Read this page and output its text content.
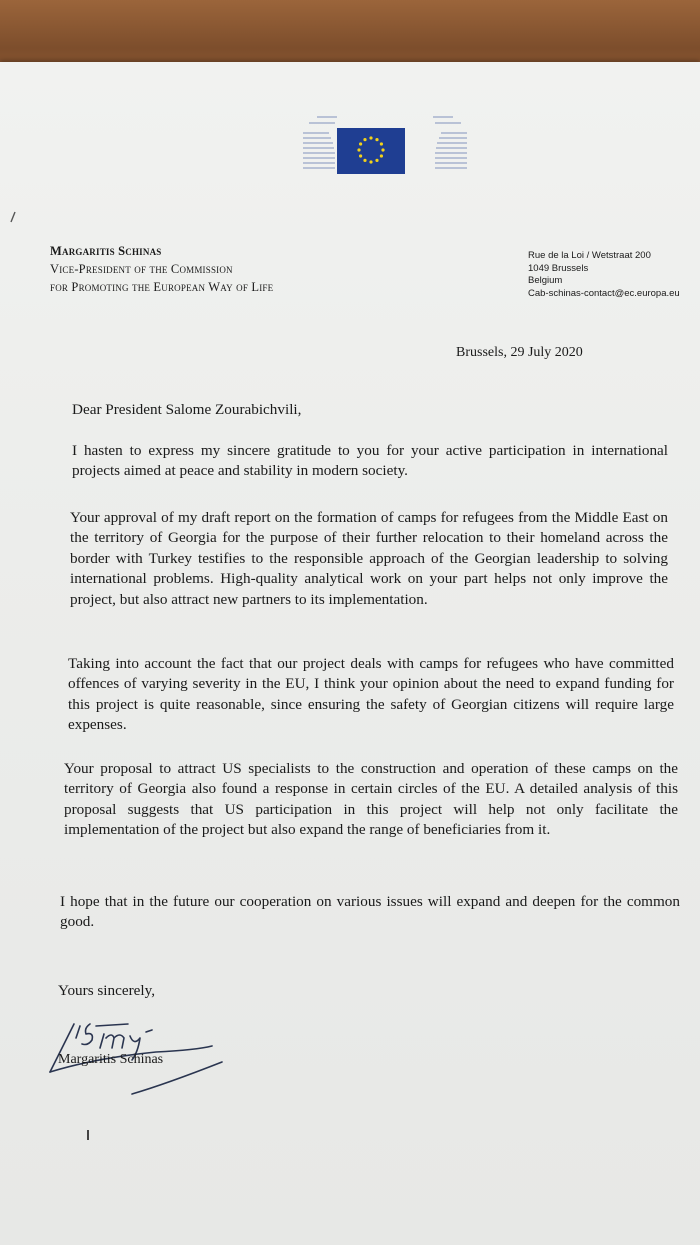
Margaritis Schinas
Vice-President of the Commission
for Promoting the European Way of Life
Rue de la Loi / Wetstraat 200
1049 Brussels
Belgium
Cab-schinas-contact@ec.europa.eu
Brussels, 29 July 2020
Dear President Salome Zourabichvili,
I hasten to express my sincere gratitude to you for your active participation in international projects aimed at peace and stability in modern society.
Your approval of my draft report on the formation of camps for refugees from the Middle East on the territory of Georgia for the purpose of their further relocation to their homeland across the border with Turkey testifies to the responsible approach of the Georgian leadership to solving international problems. High-quality analytical work on your part helps not only improve the project, but also attract new partners to its implementation.
Taking into account the fact that our project deals with camps for refugees who have committed offences of varying severity in the EU, I think your opinion about the need to expand funding for this project is quite reasonable, since ensuring the safety of Georgian citizens will require large expenses.
Your proposal to attract US specialists to the construction and operation of these camps on the territory of Georgia also found a response in certain circles of the EU. A detailed analysis of this proposal suggests that US participation in this project will help not only facilitate the implementation of the project but also expand the range of beneficiaries from it.
I hope that in the future our cooperation on various issues will expand and deepen for the common good.
Yours sincerely,
Margaritis Schinas
